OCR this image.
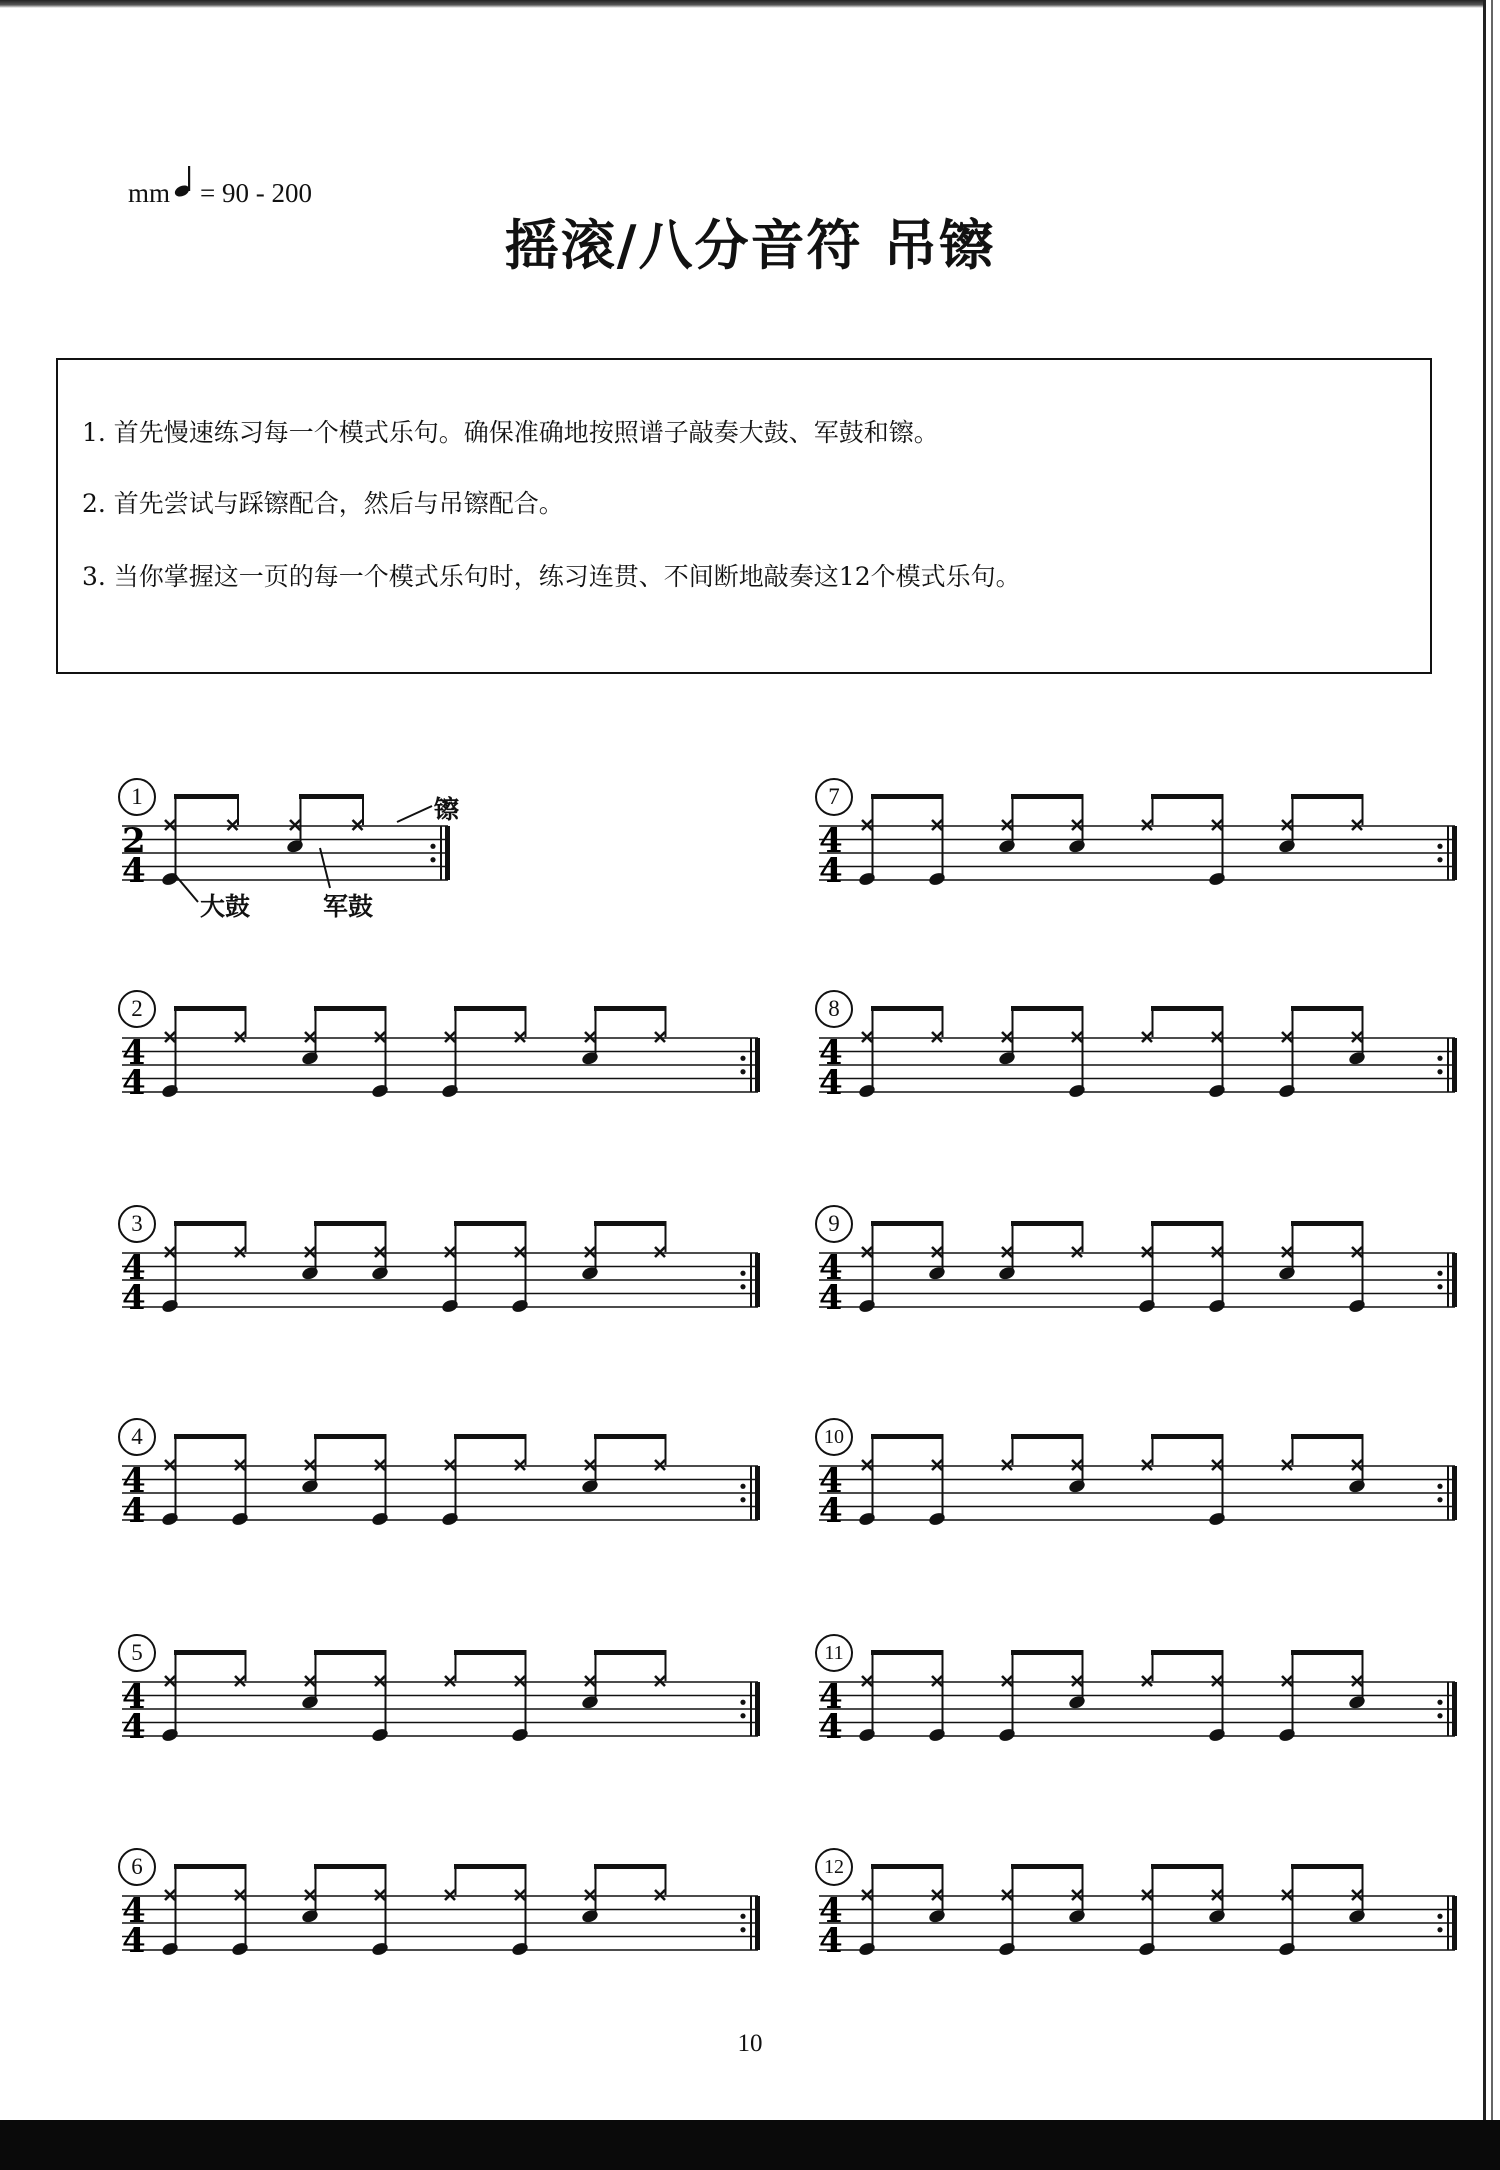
mm = 90 - 200
摇滚/八分音符 吊镲
1. 首先慢速练习每一个模式乐句。确保准确地按照谱子敲奏大鼓、军鼓和镲。
2. 首先尝试与踩镲配合，然后与吊镲配合。
3. 当你掌握这一页的每一个模式乐句时，练习连贯、不间断地敲奏这12个模式乐句。
1
2
4
2
4
4
3
4
4
4
4
4
5
4
4
6
4
4
7
4
4
8
4
4
9
4
4
10
4
4
11
4
4
12
4
4
镲
大鼓	军鼓
10
